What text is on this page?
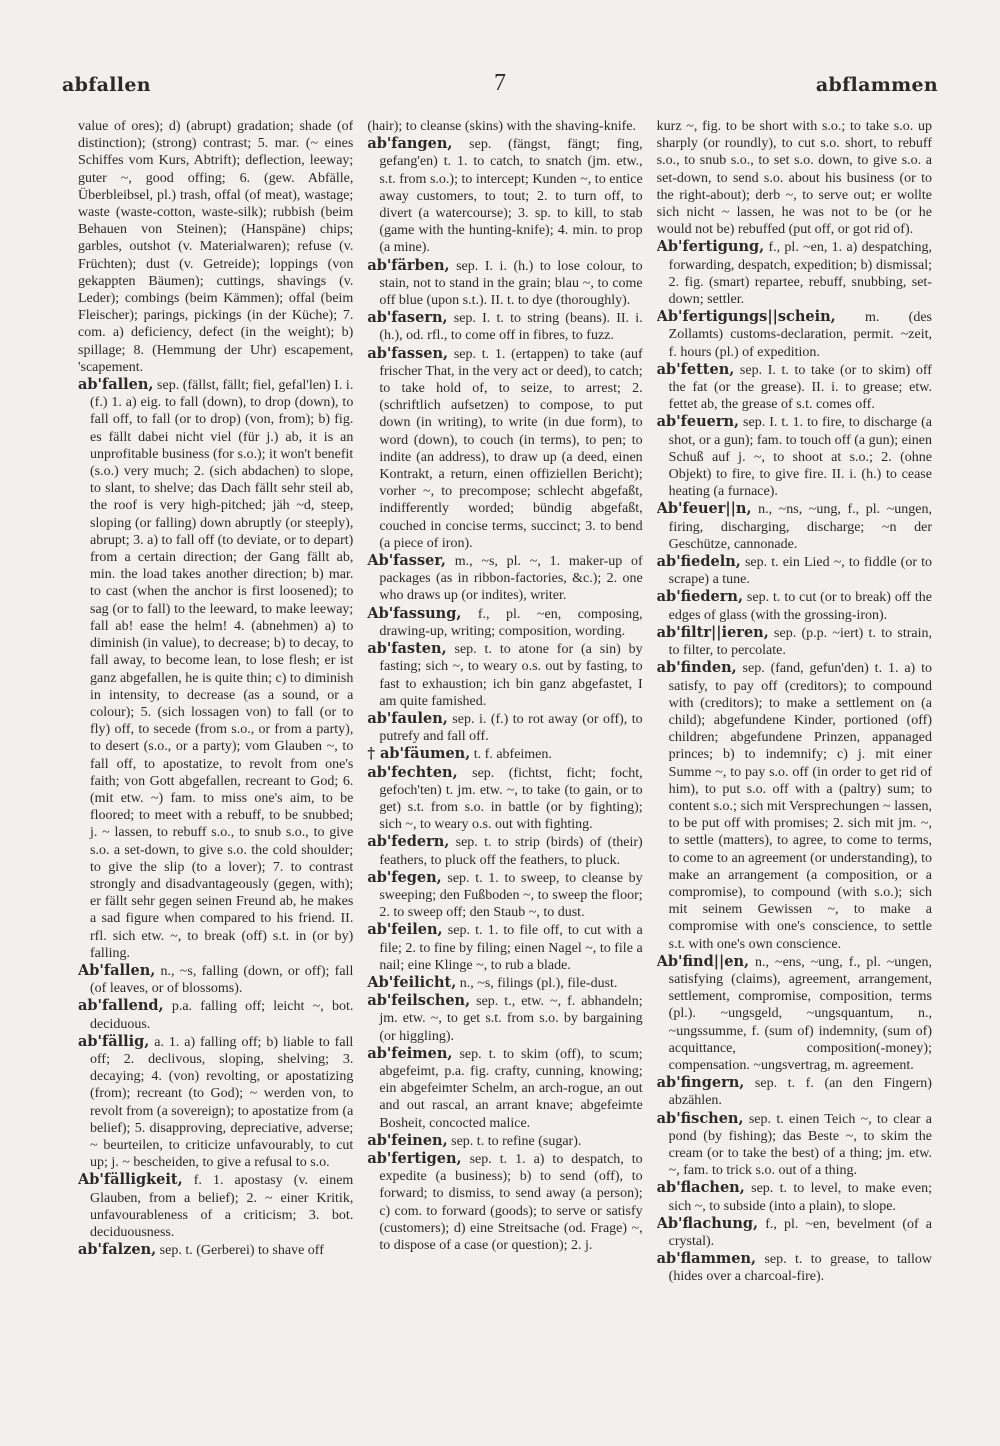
abfallen	7	abflammen

value of ores); d) (abrupt) gradation; shade (of distinction); (strong) contrast; 5. mar. (~ eines Schiffes vom Kurs, Abtrift); deflection, leeway; guter ~, good offing; 6. (gew. Abfälle, Überbleibsel, pl.) trash, offal (of meat), wastage; waste (waste-cotton, waste-silk); rubbish (beim Behauen von Steinen); (Hanspäne) chips; garbles, outshot (v. Materialwaren); refuse (v. Früchten); dust (v. Getreide); loppings (von gekappten Bäumen); cuttings, shavings (v. Leder); combings (beim Kämmen); offal (beim Fleischer); parings, pickings (in der Küche); 7. com. a) deficiency, defect (in the weight); b) spillage; 8. (Hemmung der Uhr) escapement, 'scapement.

ab'fallen, sep. (fällst, fällt; fiel, gefal'len) I. i. (f.) 1. a) eig. to fall (down), to drop (down), to fall off, to fall (or to drop) (von, from); b) fig. es fällt dabei nicht viel (für j.) ab, it is an unprofitable business (for s.o.); it won't benefit (s.o.) very much; 2. (sich abdachen) to slope, to slant, to shelve; das Dach fällt sehr steil ab, the roof is very high-pitched; jäh ~d, steep, sloping (or falling) down abruptly (or steeply), abrupt; 3. a) to fall off (to deviate, or to depart) from a certain direction; der Gang fällt ab, min. the load takes another direction; b) mar. to cast (when the anchor is first loosened); to sag (or to fall) to the leeward, to make leeway; fall ab! ease the helm! 4. (abnehmen) a) to diminish (in value), to decrease; b) to decay, to fall away, to become lean, to lose flesh; er ist ganz abgefallen, he is quite thin; c) to diminish in intensity, to decrease (as a sound, or a colour); 5. (sich lossagen von) to fall (or to fly) off, to secede (from s.o., or from a party), to desert (s.o., or a party); vom Glauben ~, to fall off, to apostatize, to revolt from one's faith; von Gott abgefallen, recreant to God; 6. (mit etw. ~) fam. to miss one's aim, to be floored; to meet with a rebuff, to be snubbed; j. ~ lassen, to rebuff s.o., to snub s.o., to give s.o. a set-down, to give s.o. the cold shoulder; to give the slip (to a lover); 7. to contrast strongly and disadvantageously (gegen, with); er fällt sehr gegen seinen Freund ab, he makes a sad figure when compared to his friend. II. rfl. sich etw. ~, to break (off) s.t. in (or by) falling.

Ab'fallen, n., ~s, falling (down, or off); fall (of leaves, or of blossoms).

ab'fallend, p.a. falling off; leicht ~, bot. deciduous.

ab'fällig, a. 1. a) falling off; b) liable to fall off; 2. declivous, sloping, shelving; 3. decaying; 4. (von) revolting, or apostatizing (from); recreant (to God); ~ werden von, to revolt from (a sovereign); to apostatize from (a belief); 5. disapproving, depreciative, adverse; ~ beurteilen, to criticize unfavourably, to cut up; j. ~ bescheiden, to give a refusal to s.o.

Ab'fälligkeit, f. 1. apostasy (v. einem Glauben, from a belief); 2. ~ einer Kritik, unfavourableness of a criticism; 3. bot. deciduousness.

ab'falzen, sep. t. (Gerberei) to shave off

(hair); to cleanse (skins) with the shaving-knife.

ab'fangen, sep. (fängst, fängt; fing, gefang'en) t. 1. to catch, to snatch (jm. etw., s.t. from s.o.); to intercept; Kunden ~, to entice away customers, to tout; 2. to turn off, to divert (a watercourse); 3. sp. to kill, to stab (game with the hunting-knife); 4. min. to prop (a mine).

ab'färben, sep. I. i. (h.) to lose colour, to stain, not to stand in the grain; blau ~, to come off blue (upon s.t.). II. t. to dye (thoroughly).

ab'fasern, sep. I. t. to string (beans). II. i. (h.), od. rfl., to come off in fibres, to fuzz.

ab'fassen, sep. t. 1. (ertappen) to take (auf frischer That, in the very act or deed), to catch; to take hold of, to seize, to arrest; 2. (schriftlich aufsetzen) to compose, to put down (in writing), to write (in due form), to word (down), to couch (in terms), to pen; to indite (an address), to draw up (a deed, einen Kontrakt, a return, einen offiziellen Bericht); vorher ~, to precompose; schlecht abgefaßt, indifferently worded; bündig abgefaßt, couched in concise terms, succinct; 3. to bend (a piece of iron).

Ab'fasser, m., ~s, pl. ~, 1. maker-up of packages (as in ribbon-factories, &c.); 2. one who draws up (or indites), writer.

Ab'fassung, f., pl. ~en, composing, drawing-up, writing; composition, wording.

ab'fasten, sep. t. to atone for (a sin) by fasting; sich ~, to weary o.s. out by fasting, to fast to exhaustion; ich bin ganz abgefastet, I am quite famished.

ab'faulen, sep. i. (f.) to rot away (or off), to putrefy and fall off.

† ab'fäumen, t. f. abfeimen.

ab'fechten, sep. (fichtst, ficht; focht, gefoch'ten) t. jm. etw. ~, to take (to gain, or to get) s.t. from s.o. in battle (or by fighting); sich ~, to weary o.s. out with fighting.

ab'federn, sep. t. to strip (birds) of (their) feathers, to pluck off the feathers, to pluck.

ab'fegen, sep. t. 1. to sweep, to cleanse by sweeping; den Fußboden ~, to sweep the floor; 2. to sweep off; den Staub ~, to dust.

ab'feilen, sep. t. 1. to file off, to cut with a file; 2. to fine by filing; einen Nagel ~, to file a nail; eine Klinge ~, to rub a blade.

Ab'feilicht, n., ~s, filings (pl.), file-dust.

ab'feilschen, sep. t., etw. ~, f. abhandeln; jm. etw. ~, to get s.t. from s.o. by bargaining (or higgling).

ab'feimen, sep. t. to skim (off), to scum; abgefeimt, p.a. fig. crafty, cunning, knowing; ein abgefeimter Schelm, an arch-rogue, an out and out rascal, an arrant knave; abgefeimte Bosheit, concocted malice.

ab'feinen, sep. t. to refine (sugar).

ab'fertigen, sep. t. 1. a) to despatch, to expedite (a business); b) to send (off), to forward; to dismiss, to send away (a person); c) com. to forward (goods); to serve or satisfy (customers); d) eine Streitsache (od. Frage) ~, to dispose of a case (or question); 2. j.

kurz ~, fig. to be short with s.o.; to take s.o. up sharply (or roundly), to cut s.o. short, to rebuff s.o., to snub s.o., to set s.o. down, to give s.o. a set-down, to send s.o. about his business (or to the right-about); derb ~, to serve out; er wollte sich nicht ~ lassen, he was not to be (or he would not be) rebuffed (put off, or got rid of).

Ab'fertigung, f., pl. ~en, 1. a) despatching, forwarding, despatch, expedition; b) dismissal; 2. fig. (smart) repartee, rebuff, snubbing, set-down; settler.

Ab'fertigungs||schein, m. (des Zollamts) customs-declaration, permit. ~zeit, f. hours (pl.) of expedition.

ab'fetten, sep. I. t. to take (or to skim) off the fat (or the grease). II. i. to grease; etw. fettet ab, the grease of s.t. comes off.

ab'feuern, sep. I. t. 1. to fire, to discharge (a shot, or a gun); fam. to touch off (a gun); einen Schuß auf j. ~, to shoot at s.o.; 2. (ohne Objekt) to fire, to give fire. II. i. (h.) to cease heating (a furnace).

Ab'feuer||n, n., ~ns, ~ung, f., pl. ~ungen, firing, discharging, discharge; ~n der Geschütze, cannonade.

ab'fiedeln, sep. t. ein Lied ~, to fiddle (or to scrape) a tune.

ab'fiedern, sep. t. to cut (or to break) off the edges of glass (with the grossing-iron).

ab'filtr||ieren, sep. (p.p. ~iert) t. to strain, to filter, to percolate.

ab'finden, sep. (fand, gefun'den) t. 1. a) to satisfy, to pay off (creditors); to compound with (creditors); to make a settlement on (a child); abgefundene Kinder, portioned (off) children; abgefundene Prinzen, appanaged princes; b) to indemnify; c) j. mit einer Summe ~, to pay s.o. off (in order to get rid of him), to put s.o. off with a (paltry) sum; to content s.o.; sich mit Versprechungen ~ lassen, to be put off with promises; 2. sich mit jm. ~, to settle (matters), to agree, to come to terms, to come to an agreement (or understanding), to make an arrangement (a composition, or a compromise), to compound (with s.o.); sich mit seinem Gewissen ~, to make a compromise with one's conscience, to settle s.t. with one's own conscience.

Ab'find||en, n., ~ens, ~ung, f., pl. ~ungen, satisfying (claims), agreement, arrangement, settlement, compromise, composition, terms (pl.). ~ungsgeld, ~ungsquantum, n., ~ungssumme, f. (sum of) indemnity, (sum of) acquittance, composition(-money); compensation. ~ungsvertrag, m. agreement.

ab'fingern, sep. t. f. (an den Fingern) abzählen.

ab'fischen, sep. t. einen Teich ~, to clear a pond (by fishing); das Beste ~, to skim the cream (or to take the best) of a thing; jm. etw. ~, fam. to trick s.o. out of a thing.

ab'flachen, sep. t. to level, to make even; sich ~, to subside (into a plain), to slope.

Ab'flachung, f., pl. ~en, bevelment (of a crystal).

ab'flammen, sep. t. to grease, to tallow (hides over a charcoal-fire).
